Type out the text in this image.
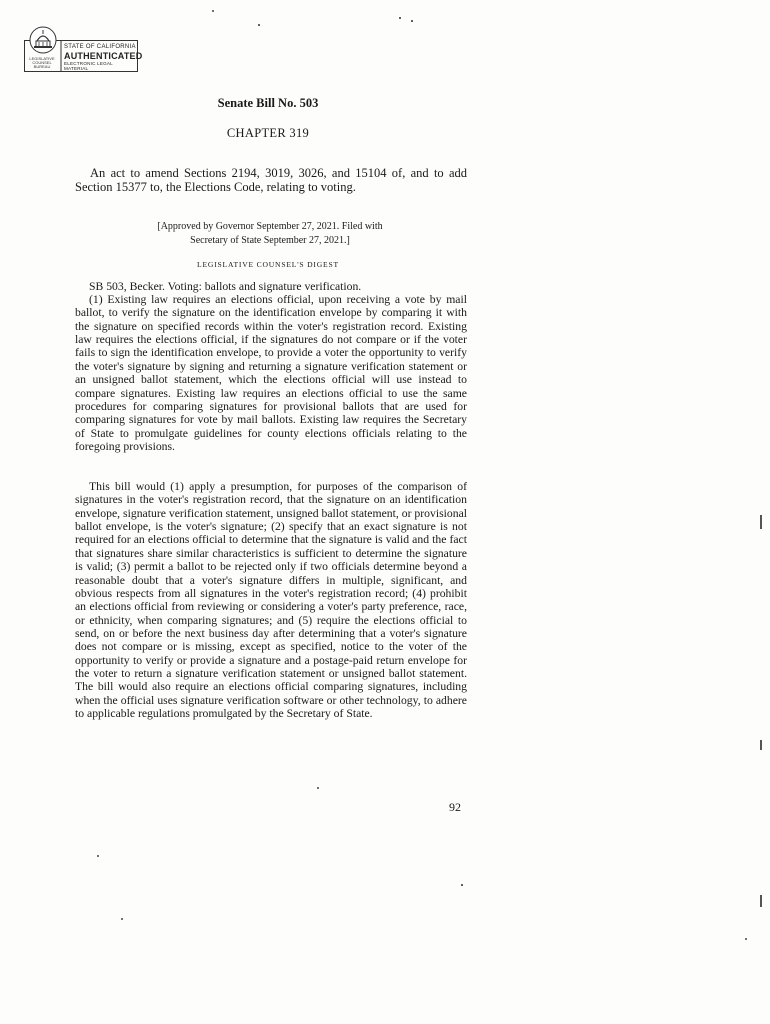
LEGISLATIVE COUNSEL BUREAU
STATE OF CALIFORNIA
AUTHENTICATED
ELECTRONIC LEGAL MATERIAL
Senate Bill No. 503
CHAPTER 319
An act to amend Sections 2194, 3019, 3026, and 15104 of, and to add Section 15377 to, the Elections Code, relating to voting.
[Approved by Governor September 27, 2021. Filed with
Secretary of State September 27, 2021.]
LEGISLATIVE COUNSEL'S DIGEST

SB 503, Becker. Voting: ballots and signature verification.

(1) Existing law requires an elections official, upon receiving a vote by mail ballot, to verify the signature on the identification envelope by comparing it with the signature on specified records within the voter's registration record. Existing law requires the elections official, if the signatures do not compare or if the voter fails to sign the identification envelope, to provide a voter the opportunity to verify the voter's signature by signing and returning a signature verification statement or an unsigned ballot statement, which the elections official will use instead to compare signatures. Existing law requires an elections official to use the same procedures for comparing signatures for provisional ballots that are used for comparing signatures for vote by mail ballots. Existing law requires the Secretary of State to promulgate guidelines for county elections officials relating to the foregoing provisions.

This bill would (1) apply a presumption, for purposes of the comparison of signatures in the voter's registration record, that the signature on an identification envelope, signature verification statement, unsigned ballot statement, or provisional ballot envelope, is the voter's signature; (2) specify that an exact signature is not required for an elections official to determine that the signature is valid and the fact that signatures share similar characteristics is sufficient to determine the signature is valid; (3) permit a ballot to be rejected only if two officials determine beyond a reasonable doubt that a voter's signature differs in multiple, significant, and obvious respects from all signatures in the voter's registration record; (4) prohibit an elections official from reviewing or considering a voter's party preference, race, or ethnicity, when comparing signatures; and (5) require the elections official to send, on or before the next business day after determining that a voter's signature does not compare or is missing, except as specified, notice to the voter of the opportunity to verify or provide a signature and a postage-paid return envelope for the voter to return a signature verification statement or unsigned ballot statement. The bill would also require an elections official comparing signatures, including when the official uses signature verification software or other technology, to adhere to applicable regulations promulgated by the Secretary of State.

92
